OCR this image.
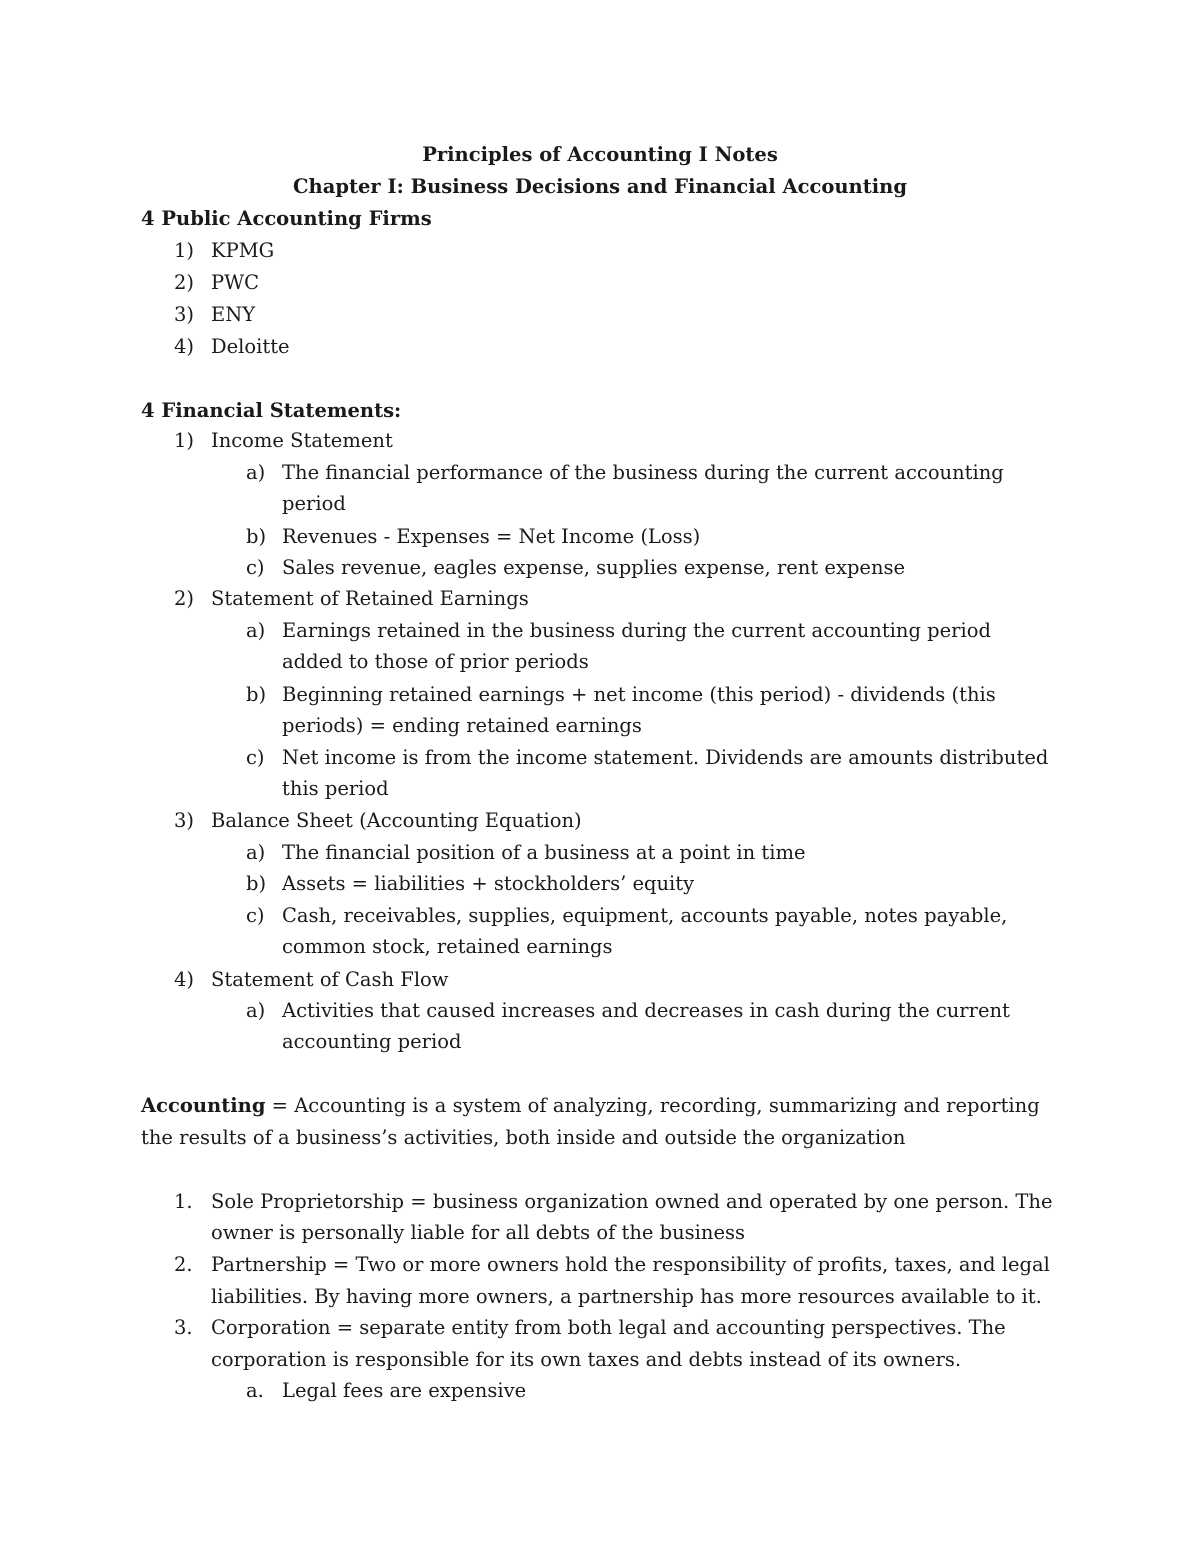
Principles of Accounting I Notes
Chapter I: Business Decisions and Financial Accounting
4 Public Accounting Firms
1) KPMG
2) PWC
3) ENY
4) Deloitte
4 Financial Statements:
1) Income Statement
a) The financial performance of the business during the current accounting
period
b) Revenues - Expenses = Net Income (Loss)
c) Sales revenue, eagles expense, supplies expense, rent expense
2) Statement of Retained Earnings
a) Earnings retained in the business during the current accounting period
added to those of prior periods
b) Beginning retained earnings + net income (this period) - dividends (this
periods) = ending retained earnings
c) Net income is from the income statement. Dividends are amounts distributed
this period
3) Balance Sheet (Accounting Equation)
a) The financial position of a business at a point in time
b) Assets = liabilities + stockholders’ equity
c) Cash, receivables, supplies, equipment, accounts payable, notes payable,
common stock, retained earnings
4) Statement of Cash Flow
a) Activities that caused increases and decreases in cash during the current
accounting period
Accounting = Accounting is a system of analyzing, recording, summarizing and reporting
the results of a business’s activities, both inside and outside the organization
1. Sole Proprietorship = business organization owned and operated by one person. The
owner is personally liable for all debts of the business
2. Partnership = Two or more owners hold the responsibility of profits, taxes, and legal
liabilities. By having more owners, a partnership has more resources available to it.
3. Corporation = separate entity from both legal and accounting perspectives. The
corporation is responsible for its own taxes and debts instead of its owners.
a. Legal fees are expensive
